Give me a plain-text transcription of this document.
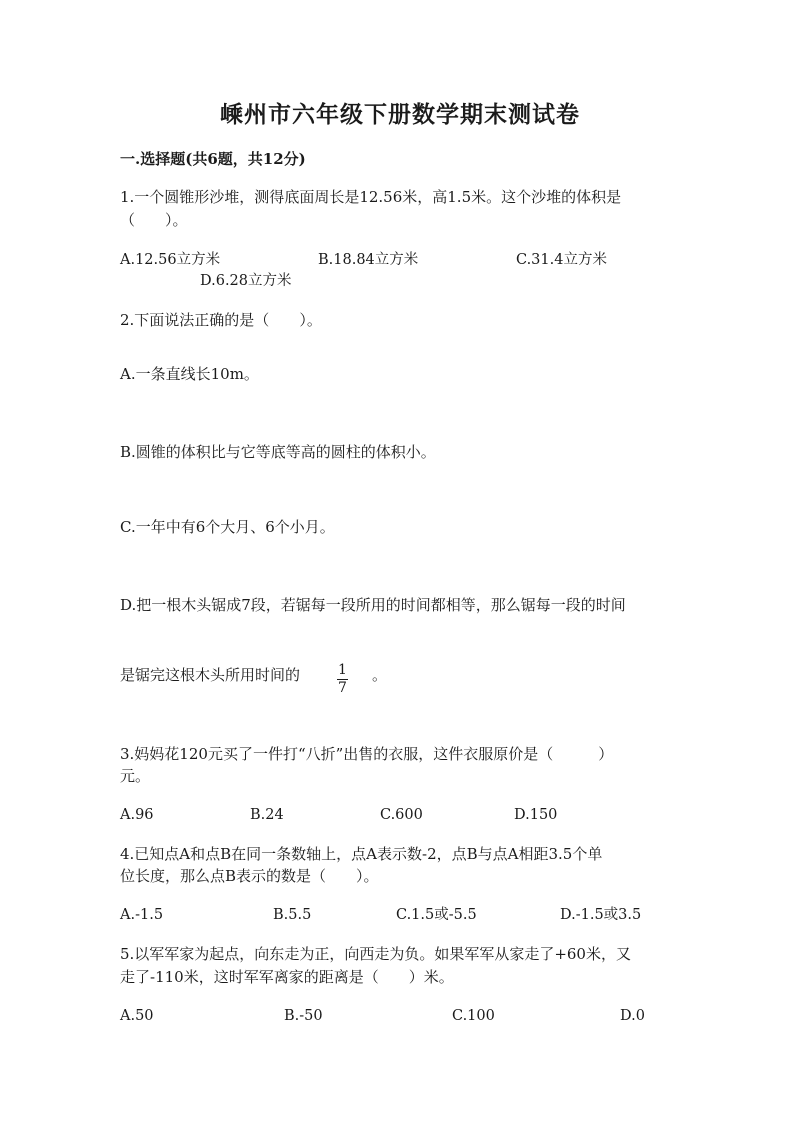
嵊州市六年级下册数学期末测试卷
一.选择题(共6题，共12分)
1.一个圆锥形沙堆，测得底面周长是12.56米，高1.5米。这个沙堆的体积是
（　　）。
A.12.56立方米	B.18.84立方米	C.31.4立方米
D.6.28立方米
2.下面说法正确的是（　　）。
A.一条直线长10m。
B.圆锥的体积比与它等底等高的圆柱的体积小。
C.一年中有6个大月、6个小月。
D.把一根木头锯成7段，若锯每一段所用的时间都相等，那么锯每一段的时间
是锯完这根木头所用时间的	$\frac{1}{7}$ 。
3.妈妈花120元买了一件打“八折”出售的衣服，这件衣服原价是（　　　）
元。
A.96	B.24	C.600	D.150
4.已知点A和点B在同一条数轴上，点A表示数-2，点B与点A相距3.5个单
位长度，那么点B表示的数是（　　）。
A.-1.5	B.5.5	C.1.5或-5.5	D.-1.5或3.5
5.以军军家为起点，向东走为正，向西走为负。如果军军从家走了+60米，又
走了-110米，这时军军离家的距离是（　　）米。
A.50	B.-50	C.100	D.0
